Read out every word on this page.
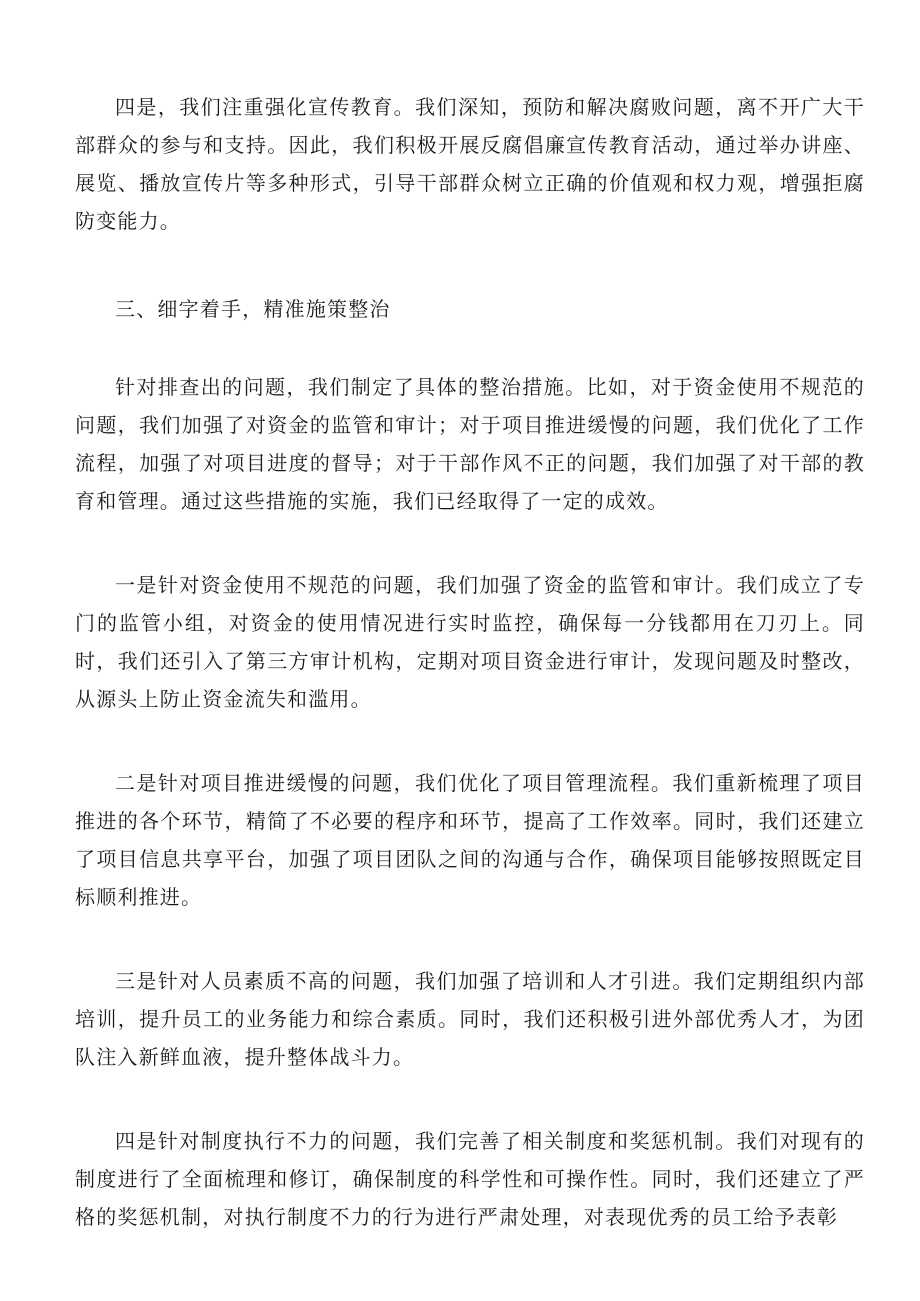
四是，我们注重强化宣传教育。我们深知，预防和解决腐败问题，离不开广大干部群众的参与和支持。因此，我们积极开展反腐倡廉宣传教育活动，通过举办讲座、展览、播放宣传片等多种形式，引导干部群众树立正确的价值观和权力观，增强拒腐防变能力。

三、细字着手，精准施策整治

针对排查出的问题，我们制定了具体的整治措施。比如，对于资金使用不规范的问题，我们加强了对资金的监管和审计；对于项目推进缓慢的问题，我们优化了工作流程，加强了对项目进度的督导；对于干部作风不正的问题，我们加强了对干部的教育和管理。通过这些措施的实施，我们已经取得了一定的成效。

一是针对资金使用不规范的问题，我们加强了资金的监管和审计。我们成立了专门的监管小组，对资金的使用情况进行实时监控，确保每一分钱都用在刀刃上。同时，我们还引入了第三方审计机构，定期对项目资金进行审计，发现问题及时整改，从源头上防止资金流失和滥用。

二是针对项目推进缓慢的问题，我们优化了项目管理流程。我们重新梳理了项目推进的各个环节，精简了不必要的程序和环节，提高了工作效率。同时，我们还建立了项目信息共享平台，加强了项目团队之间的沟通与合作，确保项目能够按照既定目标顺利推进。

三是针对人员素质不高的问题，我们加强了培训和人才引进。我们定期组织内部培训，提升员工的业务能力和综合素质。同时，我们还积极引进外部优秀人才，为团队注入新鲜血液，提升整体战斗力。

四是针对制度执行不力的问题，我们完善了相关制度和奖惩机制。我们对现有的制度进行了全面梳理和修订，确保制度的科学性和可操作性。同时，我们还建立了严格的奖惩机制，对执行制度不力的行为进行严肃处理，对表现优秀的员工给予表彰
